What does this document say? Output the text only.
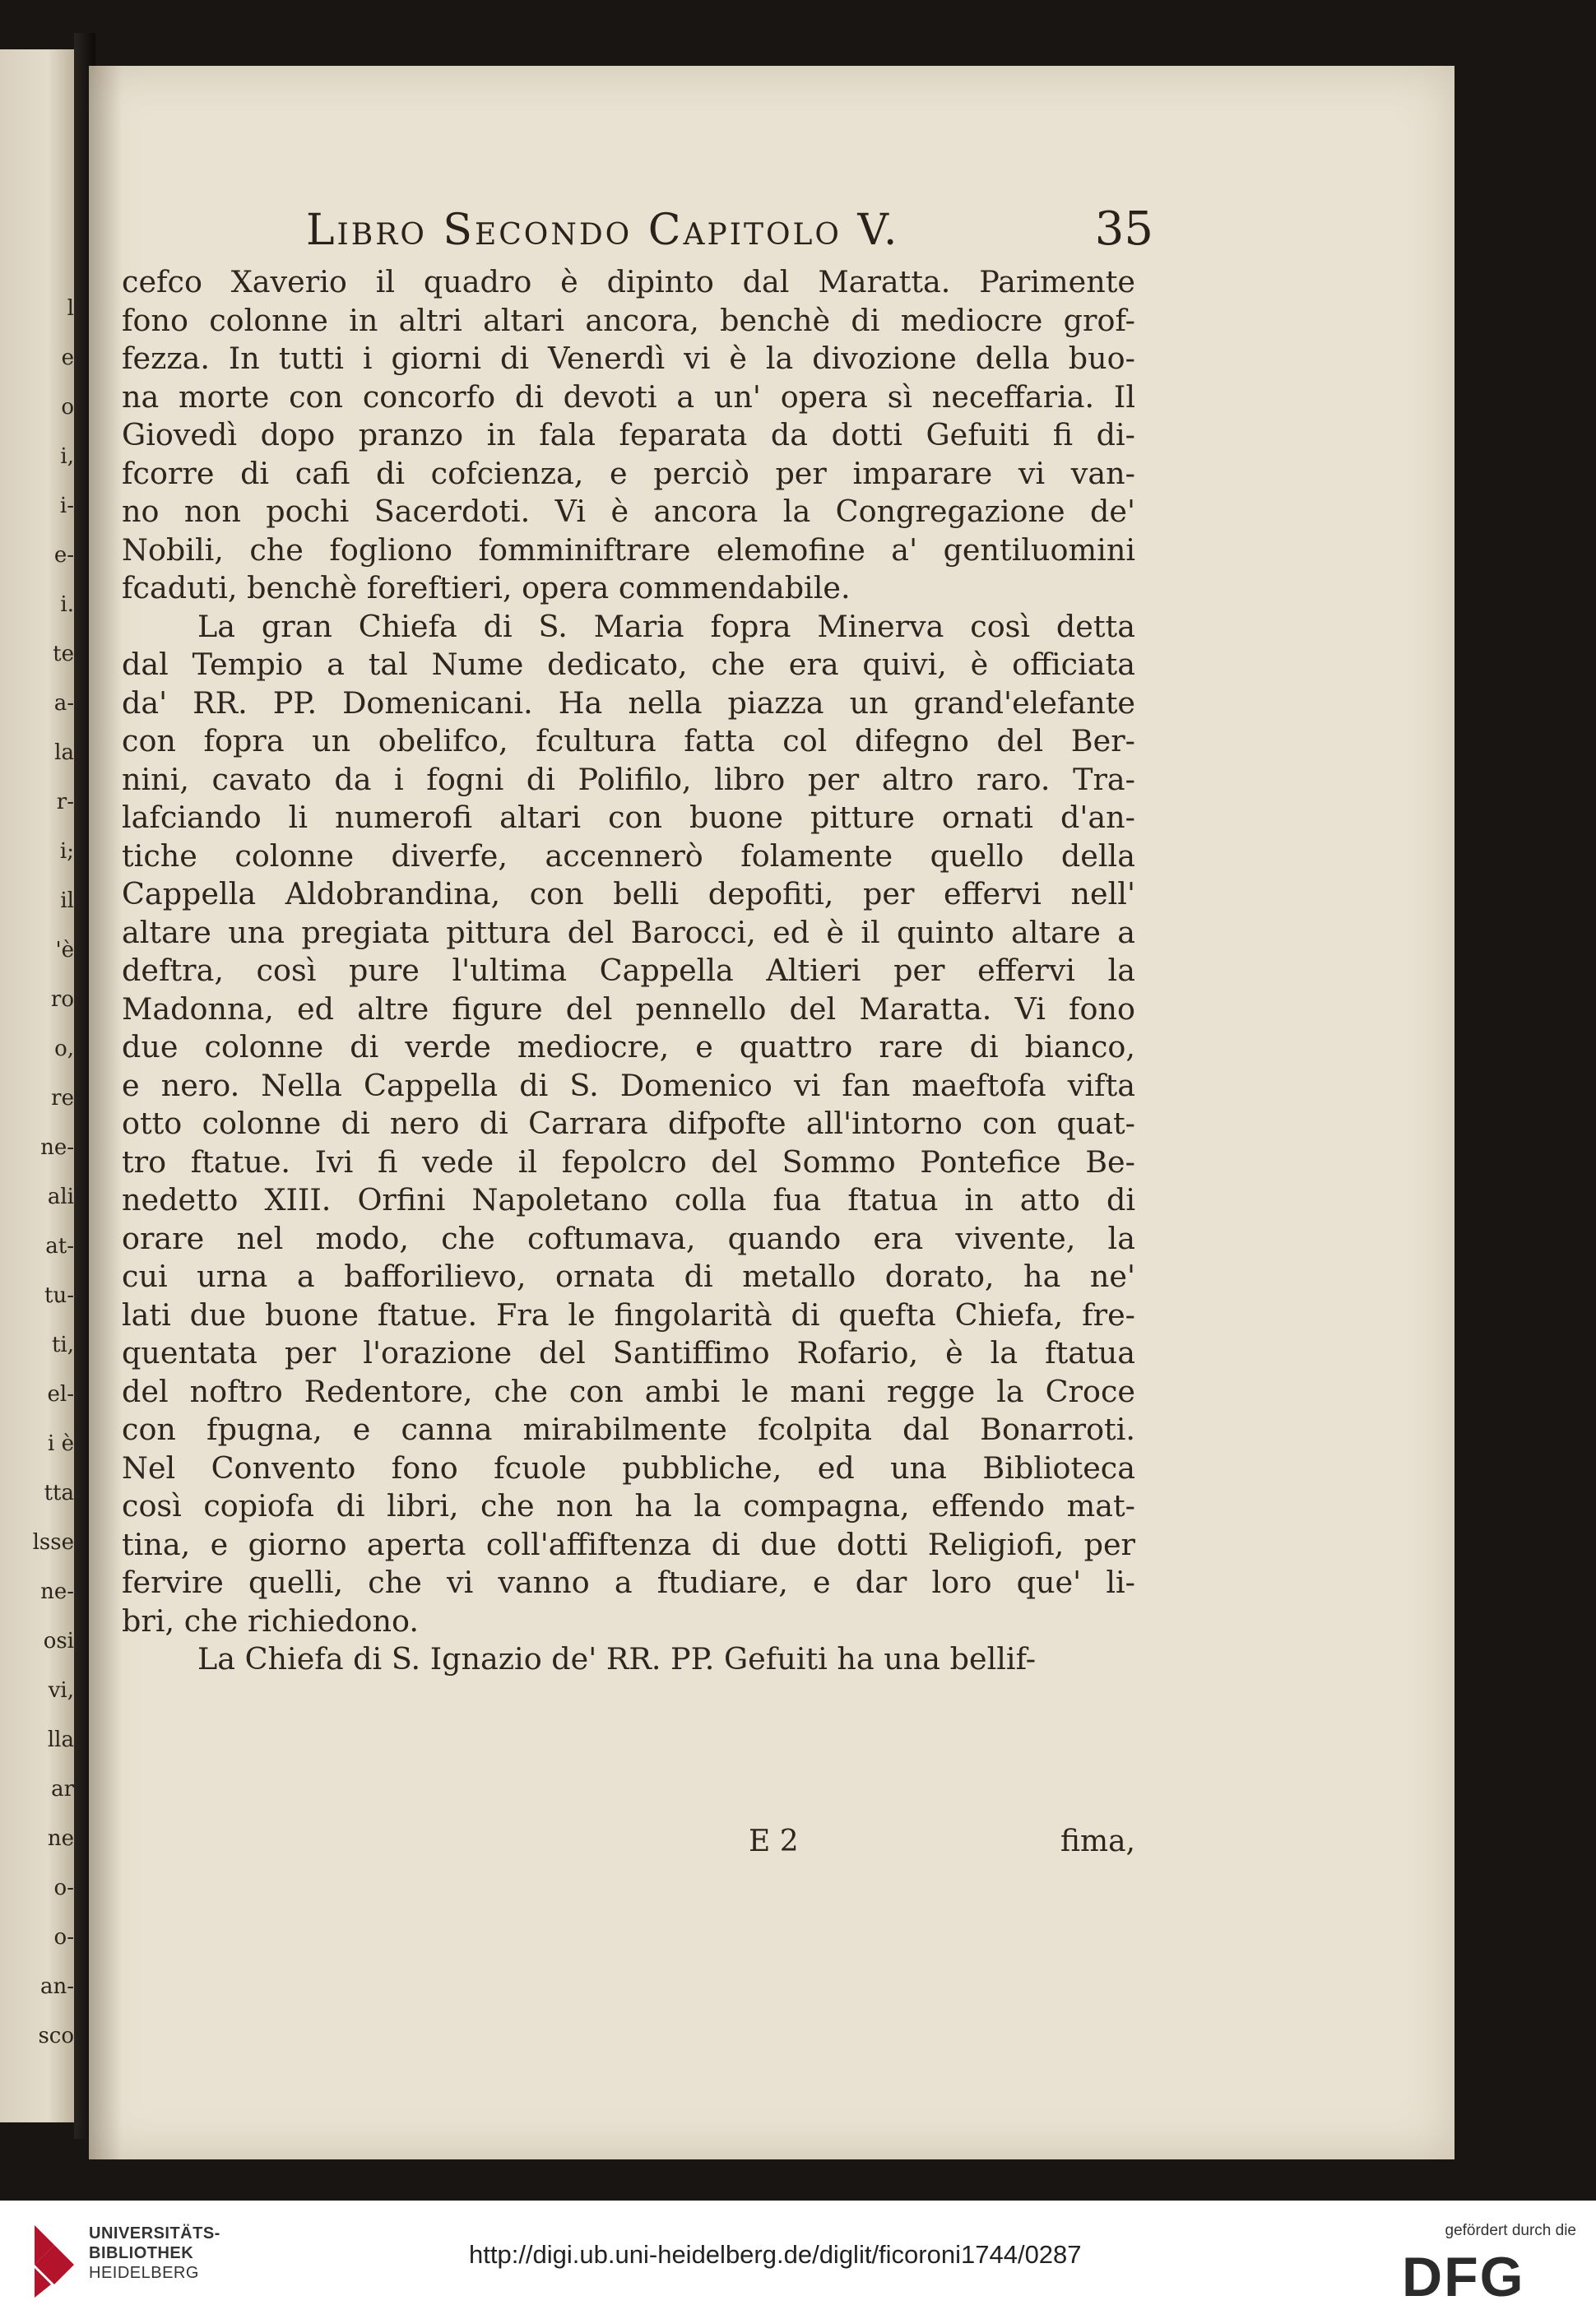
l
e
o
i,
i-
e-
i.
te
a-
la
r-
i;
il
'è
ro
o,
re
ne-
ali
at-
tu-
ti,
el-
i è
tta
lsse
ne-
osi
vi,
lla
ar
ne
o-
o-
an-
sco
Libro Secondo Capitolo V.	35
cefco Xaverio il quadro è dipinto dal Maratta. Parimente
fono colonne in altri altari ancora, benchè di mediocre grof-
fezza. In tutti i giorni di Venerdì vi è la divozione della buo-
na morte con concorfo di devoti a un' opera sì neceffaria. Il
Giovedì dopo pranzo in fala feparata da dotti Gefuiti fi di-
fcorre di cafi di cofcienza, e perciò per imparare vi van-
no non pochi Sacerdoti. Vi è ancora la Congregazione de'
Nobili, che fogliono fomminiftrare elemofine a' gentiluomini
fcaduti, benchè foreftieri, opera commendabile.
La gran Chiefa di S. Maria fopra Minerva così detta
dal Tempio a tal Nume dedicato, che era quivi, è officiata
da' RR. PP. Domenicani. Ha nella piazza un grand'elefante
con fopra un obelifco, fcultura fatta col difegno del Ber-
nini, cavato da i fogni di Polifilo, libro per altro raro. Tra-
lafciando li numerofi altari con buone pitture ornati d'an-
tiche colonne diverfe, accennerò folamente quello della
Cappella Aldobrandina, con belli depofiti, per effervi nell'
altare una pregiata pittura del Barocci, ed è il quinto altare a
deftra, così pure l'ultima Cappella Altieri per effervi la
Madonna, ed altre figure del pennello del Maratta. Vi fono
due colonne di verde mediocre, e quattro rare di bianco,
e nero. Nella Cappella di S. Domenico vi fan maeftofa vifta
otto colonne di nero di Carrara difpofte all'intorno con quat-
tro ftatue. Ivi fi vede il fepolcro del Sommo Pontefice Be-
nedetto XIII. Orfini Napoletano colla fua ftatua in atto di
orare nel modo, che coftumava, quando era vivente, la
cui urna a bafforilievo, ornata di metallo dorato, ha ne'
lati due buone ftatue. Fra le fingolarità di quefta Chiefa, fre-
quentata per l'orazione del Santiffimo Rofario, è la ftatua
del noftro Redentore, che con ambi le mani regge la Croce
con fpugna, e canna mirabilmente fcolpita dal Bonarroti.
Nel Convento fono fcuole pubbliche, ed una Biblioteca
così copiofa di libri, che non ha la compagna, effendo mat-
tina, e giorno aperta coll'affiftenza di due dotti Religiofi, per
fervire quelli, che vi vanno a ftudiare, e dar loro que' li-
bri, che richiedono.
La Chiefa di S. Ignazio de' RR. PP. Gefuiti ha una bellif-
E 2	fima,
UNIVERSITÄTS-
BIBLIOTHEK
HEIDELBERG
http://digi.ub.uni-heidelberg.de/diglit/ficoroni1744/0287
gefördert durch die
DFG
